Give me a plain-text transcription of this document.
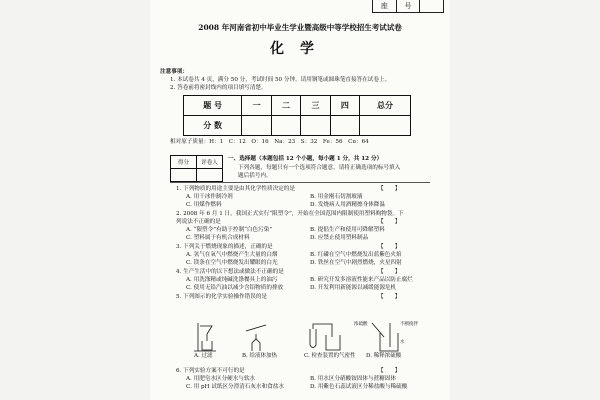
座	号
2008 年河南省初中毕业生学业暨高级中等学校招生考试试卷
化学
注意事项：
1. 本试卷共 4 页，满分 50 分，考试时间 50 分钟。请用钢笔或圆珠笔直接答在试卷上。
2. 答卷前将密封线内的项目填写清楚。
题 号	一	二	三	四	总分
分 数					
相对原子质量：H：1　C：12　O：16　Na：23　S：32　Fe：56　Cu：64
得分	评卷人

一、选择题（本题包括 12 个小题，每小题 1 分，共 12 分）
下列各题，每题只有一个选项符合题意，请将正确选项的标号填入
题后括号内。
1. 下列物质的用途主要是由其化学性质决定的是	【　　】
A. 用干冰作制冷剂	B. 用金刚石切割玻璃
C. 用煤作燃料	D. 发烧病人用酒精擦身体降温
2. 2008 年 6 月 1 日，我国正式实行“限塑令”，开始在全国范围内限制使用塑料购物袋。下
列说法不正确的是	【　　】
A. “限塑令”有助于控制“白色污染”	B. 提倡生产和使用可降解塑料
C. 塑料属于有机合成材料	D. 应禁止使用塑料制品
3. 下列关于燃烧现象的描述，正确的是	【　　】
A. 氢气在氧气中燃烧产生大量的白烟	B. 红磷在空气中燃烧发出蓝紫色火焰
C. 镁条在空气中燃烧发出耀眼的白光	D. 铁丝在空气中剧烈燃烧，火星四射
4. 生产生活中的以下想法或做法不正确的是	【　　】
A. 用洗涤精或纯碱洗涤餐具上的油污	B. 研究开发多溶液性能来产品以防止腐烂
C. 使用无铅汽油以减少含铅物质的排放	D. 开发利用新能源以减缓能源危机
5. 下列图示的化学实验操作错误的是	【　　】
A. 过滤	B. 给液体加热	C. 检查装置的气密性 D. 稀释浓硫酸
不断搅拌
浓硫酸
水
6. 下列实验方案不可行的是	【　　】
A. 用肥皂水区分硬水与软水	B. 用水区分硝酸铵固体与蔗糖固体
C. 用 pH 试纸区分澄清石灰水和食盐水	D. 用紫色石蕊试液区分稀盐酸与稀硫酸
